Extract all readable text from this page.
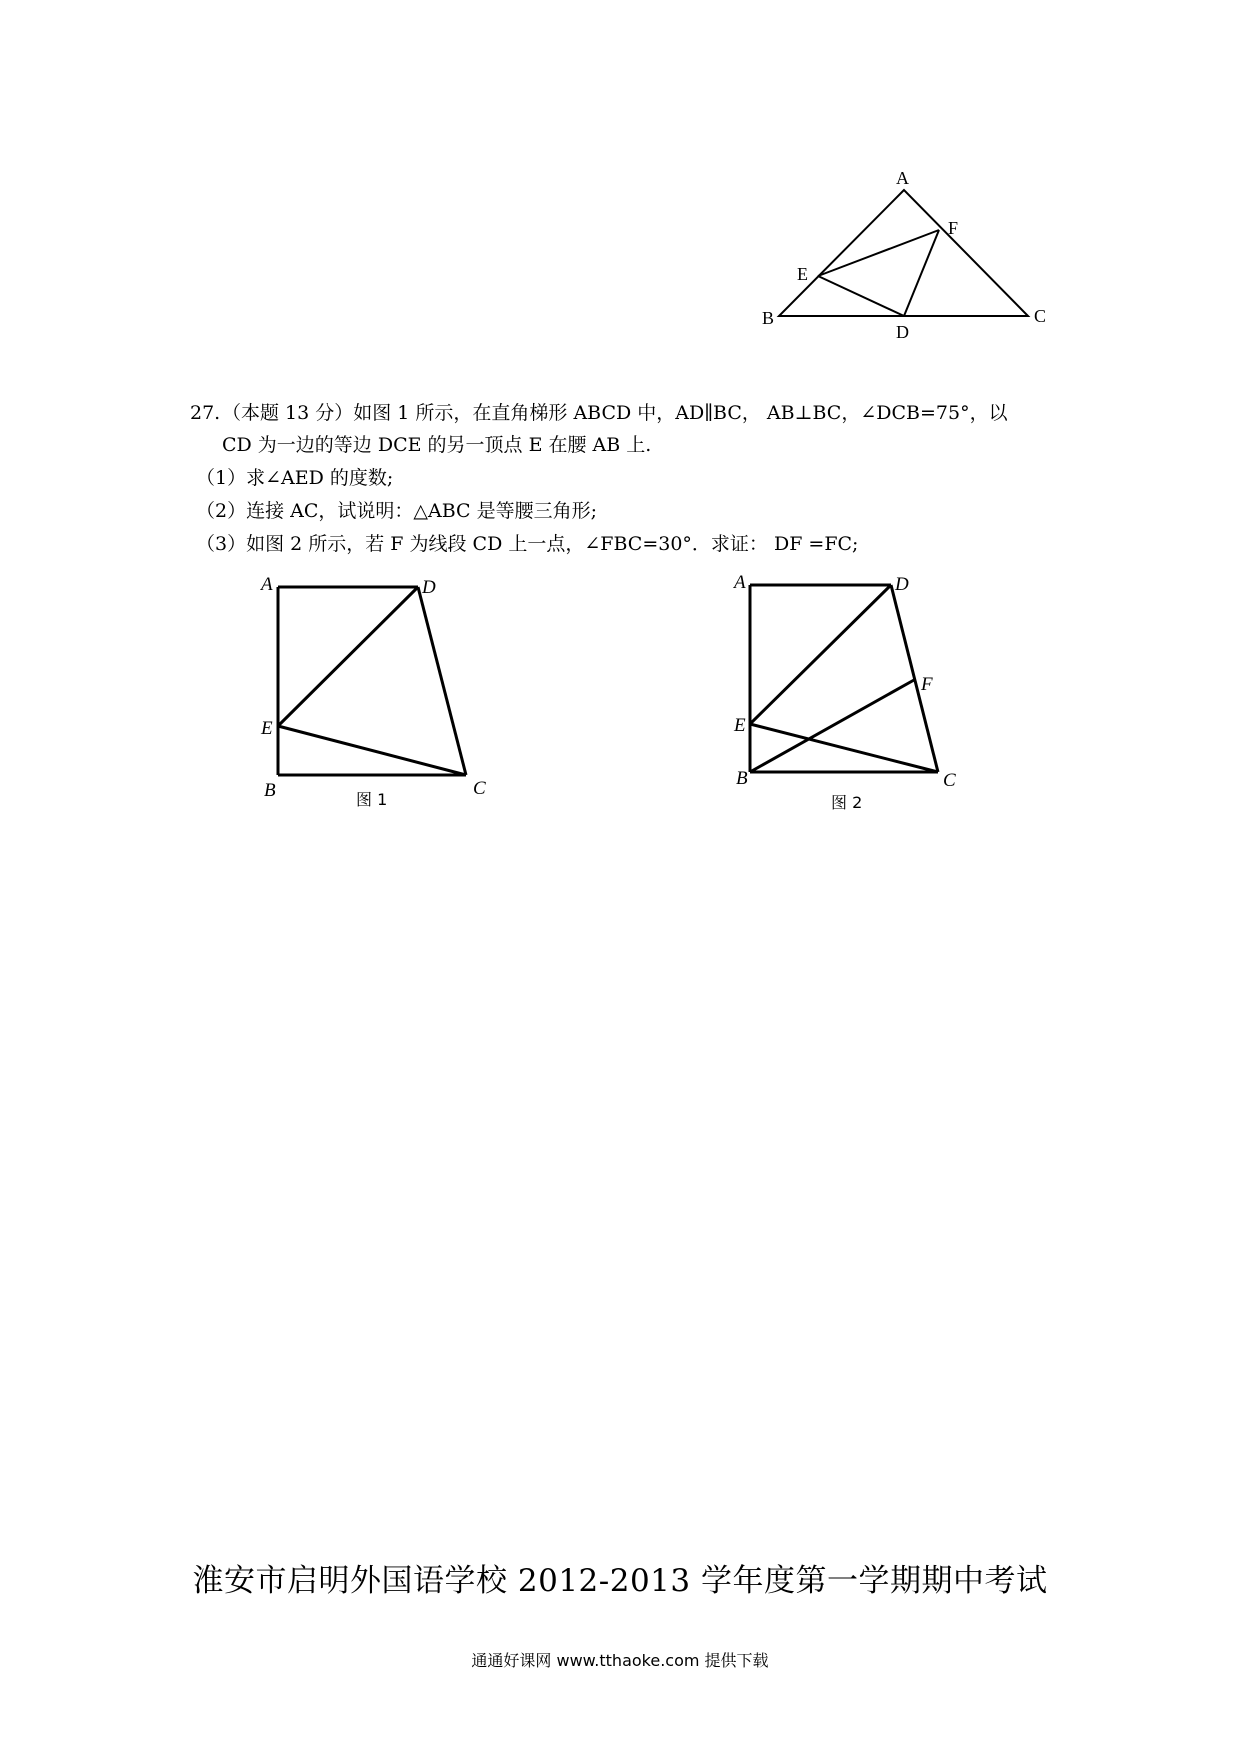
A
B	C
D
E
F
27. （本题 13 分）如图 1 所示，在直角梯形 ABCD 中，AD∥BC， AB⊥BC，∠DCB=75°，以
CD 为一边的等边 DCE 的另一顶点 E 在腰 AB 上.
（1）求∠AED 的度数;
（2）连接 AC，试说明：△ABC 是等腰三角形;
（3）如图 2 所示，若 F 为线段 CD 上一点，∠FBC=30°．求证： DF =FC;
A	D
E
B	C
图 1
A	D
F
E
B	C
图 2
淮安市启明外国语学校 2012-2013 学年度第一学期期中考试
通通好课网 www.tthaoke.com 提供下载
